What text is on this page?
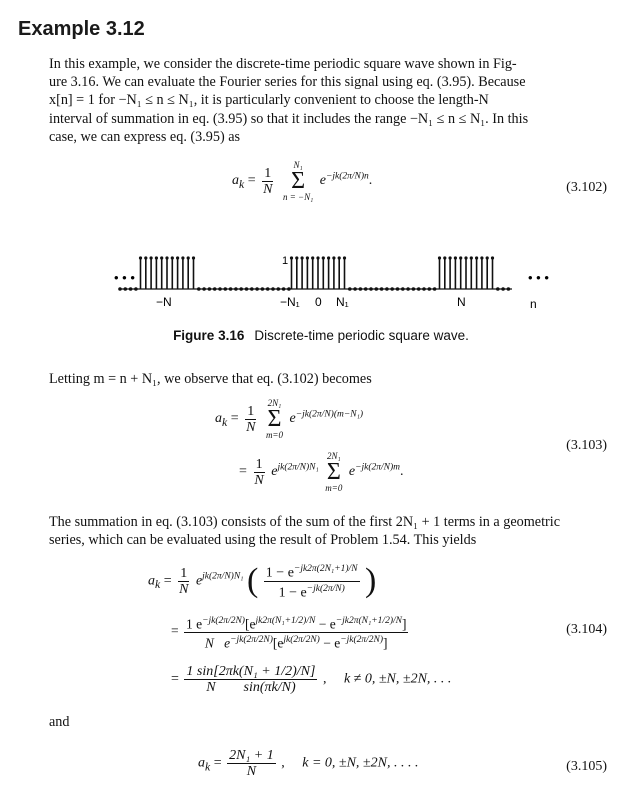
Example 3.12
In this example, we consider the discrete-time periodic square wave shown in Fig-
ure 3.16. We can evaluate the Fourier series for this signal using eq. (3.95). Because
x[n] = 1 for −N₁ ≤ n ≤ N₁, it is particularly convenient to choose the length-N
interval of summation in eq. (3.95) so that it includes the range −N₁ ≤ n ≤ N₁. In this
case, we can express eq. (3.95) as
$a_k = \frac{1}{N}$

N₁
Σ
n = −N₁
$e^{-jk(2\pi/N)n}$.	(3.102)
• • •	• • •
1
−N	−N₁ 0 N₁	N	n
Figure 3.16 Discrete-time periodic square wave.
Letting m = n + N₁, we observe that eq. (3.102) becomes
$a_k = \frac{1}{N}$

2N₁
Σ
m=0
$e^{-jk(2\pi/N)(m-N_1)}$
= $\frac{1}{N} e^{jk(2\pi/N)N_1}$
2N₁
Σ
m=0
$e^{-jk(2\pi/N)m}$.
(3.103)
The summation in eq. (3.103) consists of the sum of the first 2N₁ + 1 terms in a geometric
series, which can be evaluated using the result of Problem 1.54. This yields
$a_k = \frac{1}{N} e^{jk(2\pi/N)N_1}$ ( $\frac{1 - e^{-jk2\pi(2N_1+1)/N}}{1 - e^{-jk(2\pi/N)}}$ )
= $\frac{1 e^{-jk(2\pi/2N)}[e^{jk2\pi(N_1+1/2)/N} - e^{-jk2\pi(N_1+1/2)/N}]}{N e^{-jk(2\pi/2N)}[e^{jk(2\pi/2N)} - e^{-jk(2\pi/2N)}]}$	(3.104)
= $\frac{\text{1 sin[2πk(N₁ + 1/2)/N]}}{\text{N        sin(πk/N)}}$ ,     k ≠ 0, ±N, ±2N, . . .
and
$a_k = \frac{\text{2N₁ + 1}}{N}$ ,     k = 0, ±N, ±2N, . . . .	(3.105)
